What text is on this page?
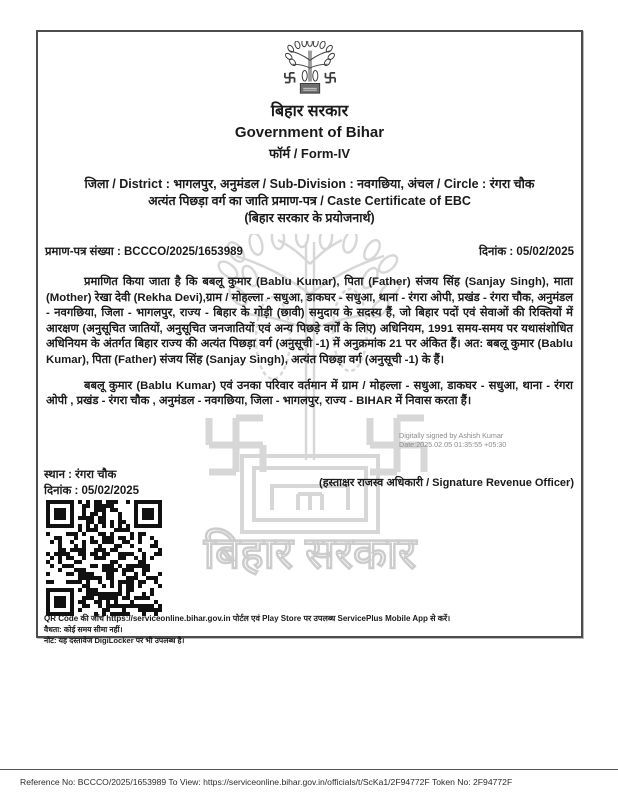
बिहार सरकार
बिहार सरकार
Government of Bihar
फॉर्म / Form-IV
जिला / District : भागलपुर, अनुमंडल / Sub-Division : नवगछिया, अंचल / Circle : रंगरा चौक
अत्यंत पिछड़ा वर्ग का जाति प्रमाण-पत्र / Caste Certificate of EBC
(बिहार सरकार के प्रयोजनार्थ)
प्रमाण-पत्र संख्या : BCCCO/2025/1653989	दिनांक : 05/02/2025

प्रमाणित किया जाता है कि बबलू कुमार (Bablu Kumar), पिता (Father) संजय सिंह (Sanjay Singh), माता (Mother) रेखा देवी (Rekha Devi),ग्राम / मोहल्ला - सधुआ, डाकघर - सधुआ, थाना - रंगरा ओपी, प्रखंड - रंगरा चौक, अनुमंडल - नवगछिया, जिला - भागलपुर, राज्य - बिहार के गोड़ी (छावी) समुदाय के सदस्य हैं, जो बिहार पदों एवं सेवाओं की रिक्तियों में आरक्षण (अनुसूचित जातियों, अनुसूचित जनजातियों एवं अन्य पिछड़े वर्गों के लिए) अधिनियम, 1991 समय-समय पर यथासंशोधित अधिनियम के अंतर्गत बिहार राज्य की अत्यंत पिछड़ा वर्ग (अनुसूची -1) में अनुक्रमांक 21 पर अंकित हैं। अत: बबलू कुमार (Bablu Kumar), पिता (Father) संजय सिंह (Sanjay Singh), अत्यंत पिछड़ा वर्ग (अनुसूची -1) के हैं।

बबलू कुमार (Bablu Kumar) एवं उनका परिवार वर्तमान में ग्राम / मोहल्ला - सधुआ, डाकघर - सधुआ, थाना - रंगरा ओपी , प्रखंड - रंगरा चौक , अनुमंडल - नवगछिया, जिला - भागलपुर, राज्य - BIHAR में निवास करता हैं।

Digitally signed by Ashish Kumar
Date:2025.02.05 01:35:55 +05:30
(हस्ताक्षर राजस्व अधिकारी / Signature Revenue Officer)
स्थान : रंगरा चौक
दिनांक : 05/02/2025
QR Code की जाँच https://serviceonline.bihar.gov.in पोर्टल एवं Play Store पर उपलब्ध ServicePlus Mobile App से करें।
वैधता: कोई समय सीमा नहीं।
नोट: यह दस्तावेज DigiLocker पर भी उपलब्ध है।
Reference No: BCCCO/2025/1653989 To View: https://serviceonline.bihar.gov.in/officials/t/ScKa1/2F94772F Token No: 2F94772F
